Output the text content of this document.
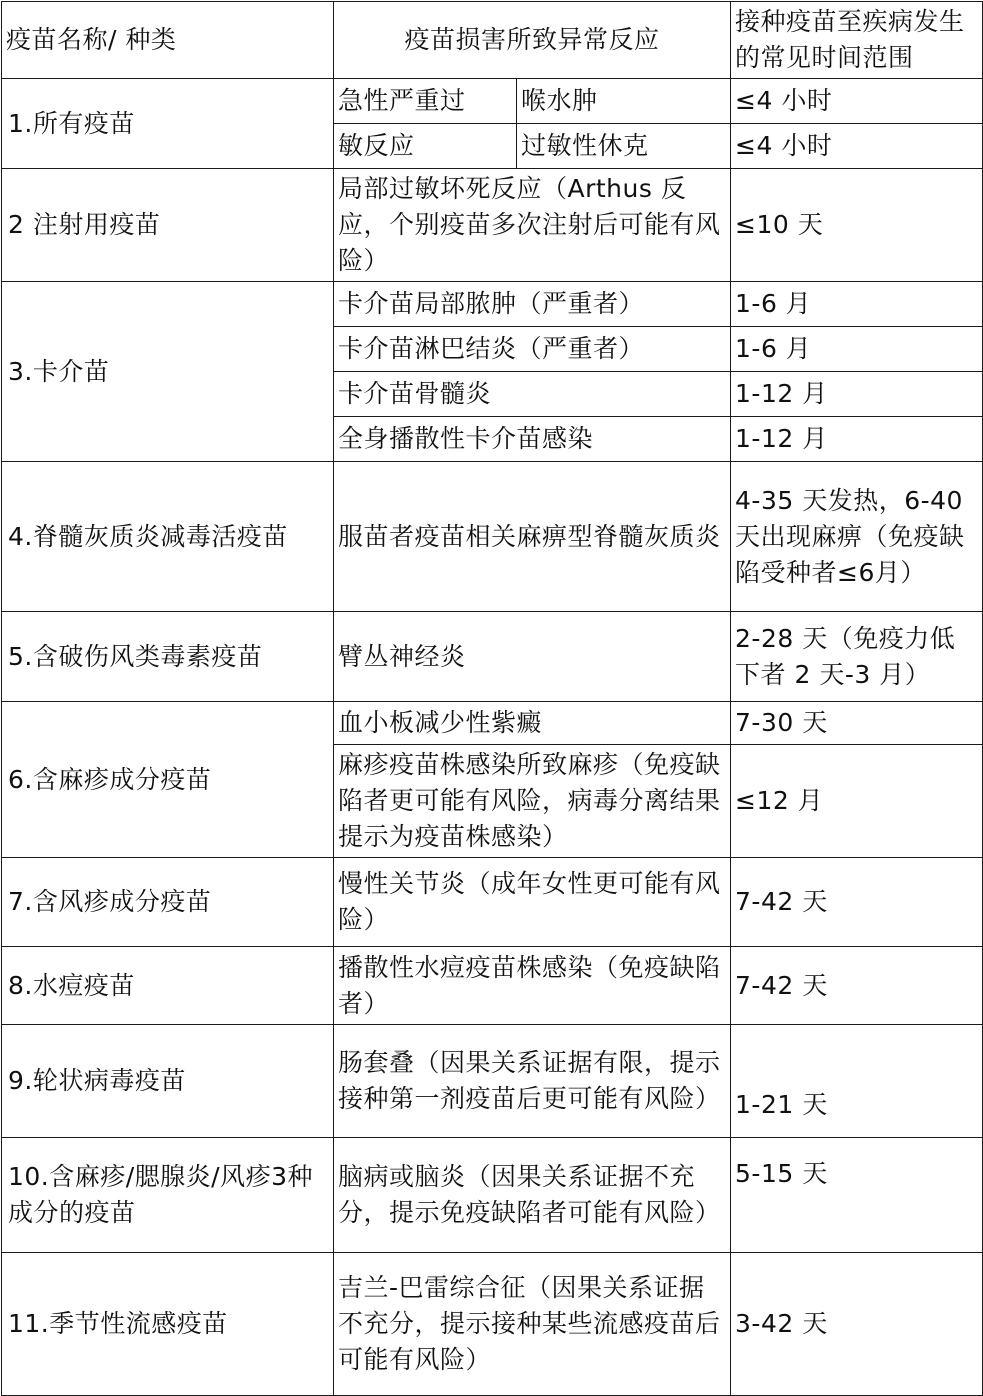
疫苗名称/ 种类	疫苗损害所致异常反应		接种疫苗至疾病发生的常见时间范围
1.所有疫苗	急性严重过	喉水肿	≤4 小时
	敏反应	过敏性休克	≤4 小时
2 注射用疫苗	局部过敏坏死反应（Arthus 反应，个别疫苗多次注射后可能有风险）		≤10 天
3.卡介苗	卡介苗局部脓肿（严重者）		1-6 月
	卡介苗淋巴结炎（严重者）		1-6 月
	卡介苗骨髓炎		1-12 月
	全身播散性卡介苗感染		1-12 月
4.脊髓灰质炎减毒活疫苗	服苗者疫苗相关麻痹型脊髓灰质炎		4-35 天发热，6-40 天出现麻痹（免疫缺陷受种者≤6月）
5.含破伤风类毒素疫苗	臂丛神经炎		2-28 天（免疫力低下者 2 天-3 月）
6.含麻疹成分疫苗	血小板减少性紫癜		7-30 天
	麻疹疫苗株感染所致麻疹（免疫缺陷者更可能有风险，病毒分离结果提示为疫苗株感染）		≤12 月
7.含风疹成分疫苗	慢性关节炎（成年女性更可能有风险）		7-42 天
8.水痘疫苗	播散性水痘疫苗株感染（免疫缺陷者）		7-42 天
9.轮状病毒疫苗	肠套叠（因果关系证据有限，提示接种第一剂疫苗后更可能有风险）		1-21 天
10.含麻疹/腮腺炎/风疹3种成分的疫苗	脑病或脑炎（因果关系证据不充分，提示免疫缺陷者可能有风险）		5-15 天
11.季节性流感疫苗	吉兰-巴雷综合征（因果关系证据不充分，提示接种某些流感疫苗后可能有风险）		3-42 天
